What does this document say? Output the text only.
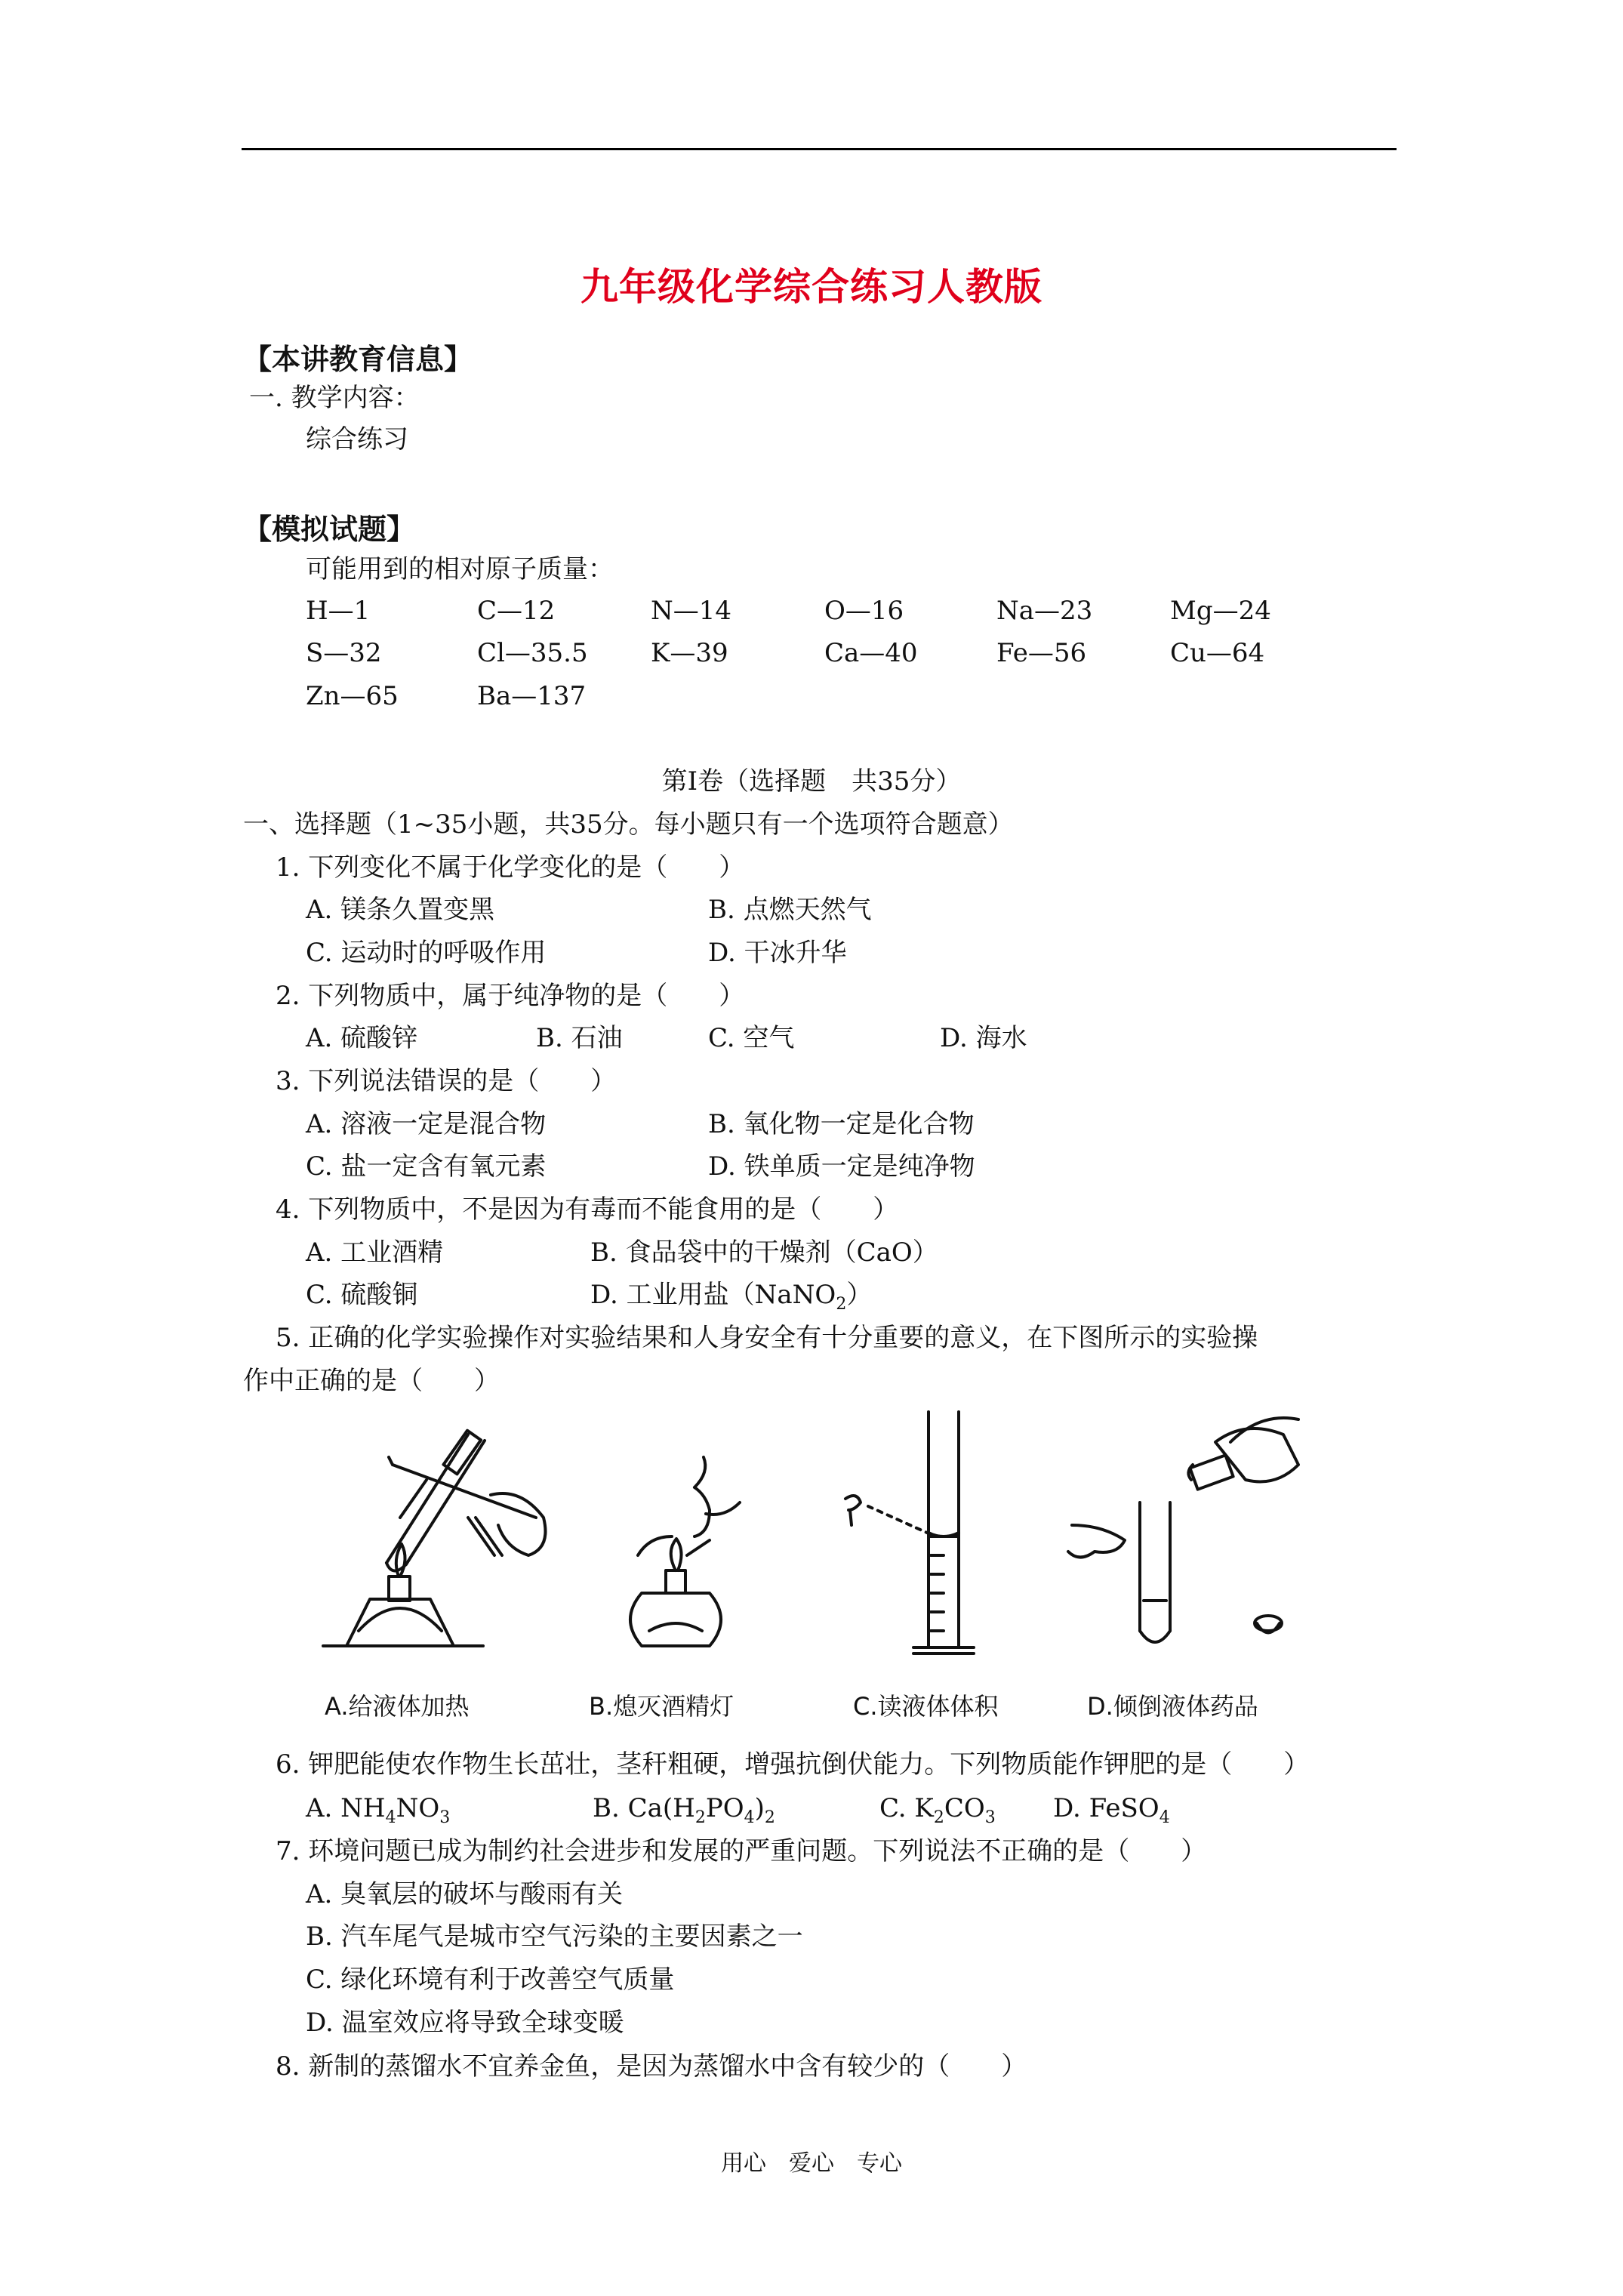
九年级化学综合练习人教版
【本讲教育信息】
一. 教学内容：
综合练习
【模拟试题】
可能用到的相对原子质量：
H—1	C—12	N—14	O—16	Na—23	Mg—24
S—32	Cl—35.5 K—39	Ca—40	Fe—56	Cu—64
Zn—65	Ba—137
第Ⅰ卷（选择题　共35分）
一、选择题（1~35小题，共35分。每小题只有一个选项符合题意）
1. 下列变化不属于化学变化的是（　　）
A. 镁条久置变黑	B. 点燃天然气
C. 运动时的呼吸作用	D. 干冰升华
2. 下列物质中，属于纯净物的是（　　）
A. 硫酸锌	B. 石油	C. 空气	D. 海水
3. 下列说法错误的是（　　）
A. 溶液一定是混合物	B. 氧化物一定是化合物
C. 盐一定含有氧元素	D. 铁单质一定是纯净物
4. 下列物质中，不是因为有毒而不能食用的是（　　）
A. 工业酒精	B. 食品袋中的干燥剂（CaO）
C. 硫酸铜	D. 工业用盐（NaNO$_2$）
5. 正确的化学实验操作对实验结果和人身安全有十分重要的意义，在下图所示的实验操
作中正确的是（　　）
A.给液体加热	B.熄灭酒精灯	C.读液体体积	D.倾倒液体药品
6. 钾肥能使农作物生长茁壮，茎秆粗硬，增强抗倒伏能力。下列物质能作钾肥的是（　　）
A. $NH_4NO_3$	B. $Ca(H_2PO_4)_2$	C. $K_2CO_3$ D. FeSO$_4$
7. 环境问题已成为制约社会进步和发展的严重问题。下列说法不正确的是（　　）
A. 臭氧层的破坏与酸雨有关
B. 汽车尾气是城市空气污染的主要因素之一
C. 绿化环境有利于改善空气质量
D. 温室效应将导致全球变暖
8. 新制的蒸馏水不宜养金鱼，是因为蒸馏水中含有较少的（　　）
用心　爱心　专心
